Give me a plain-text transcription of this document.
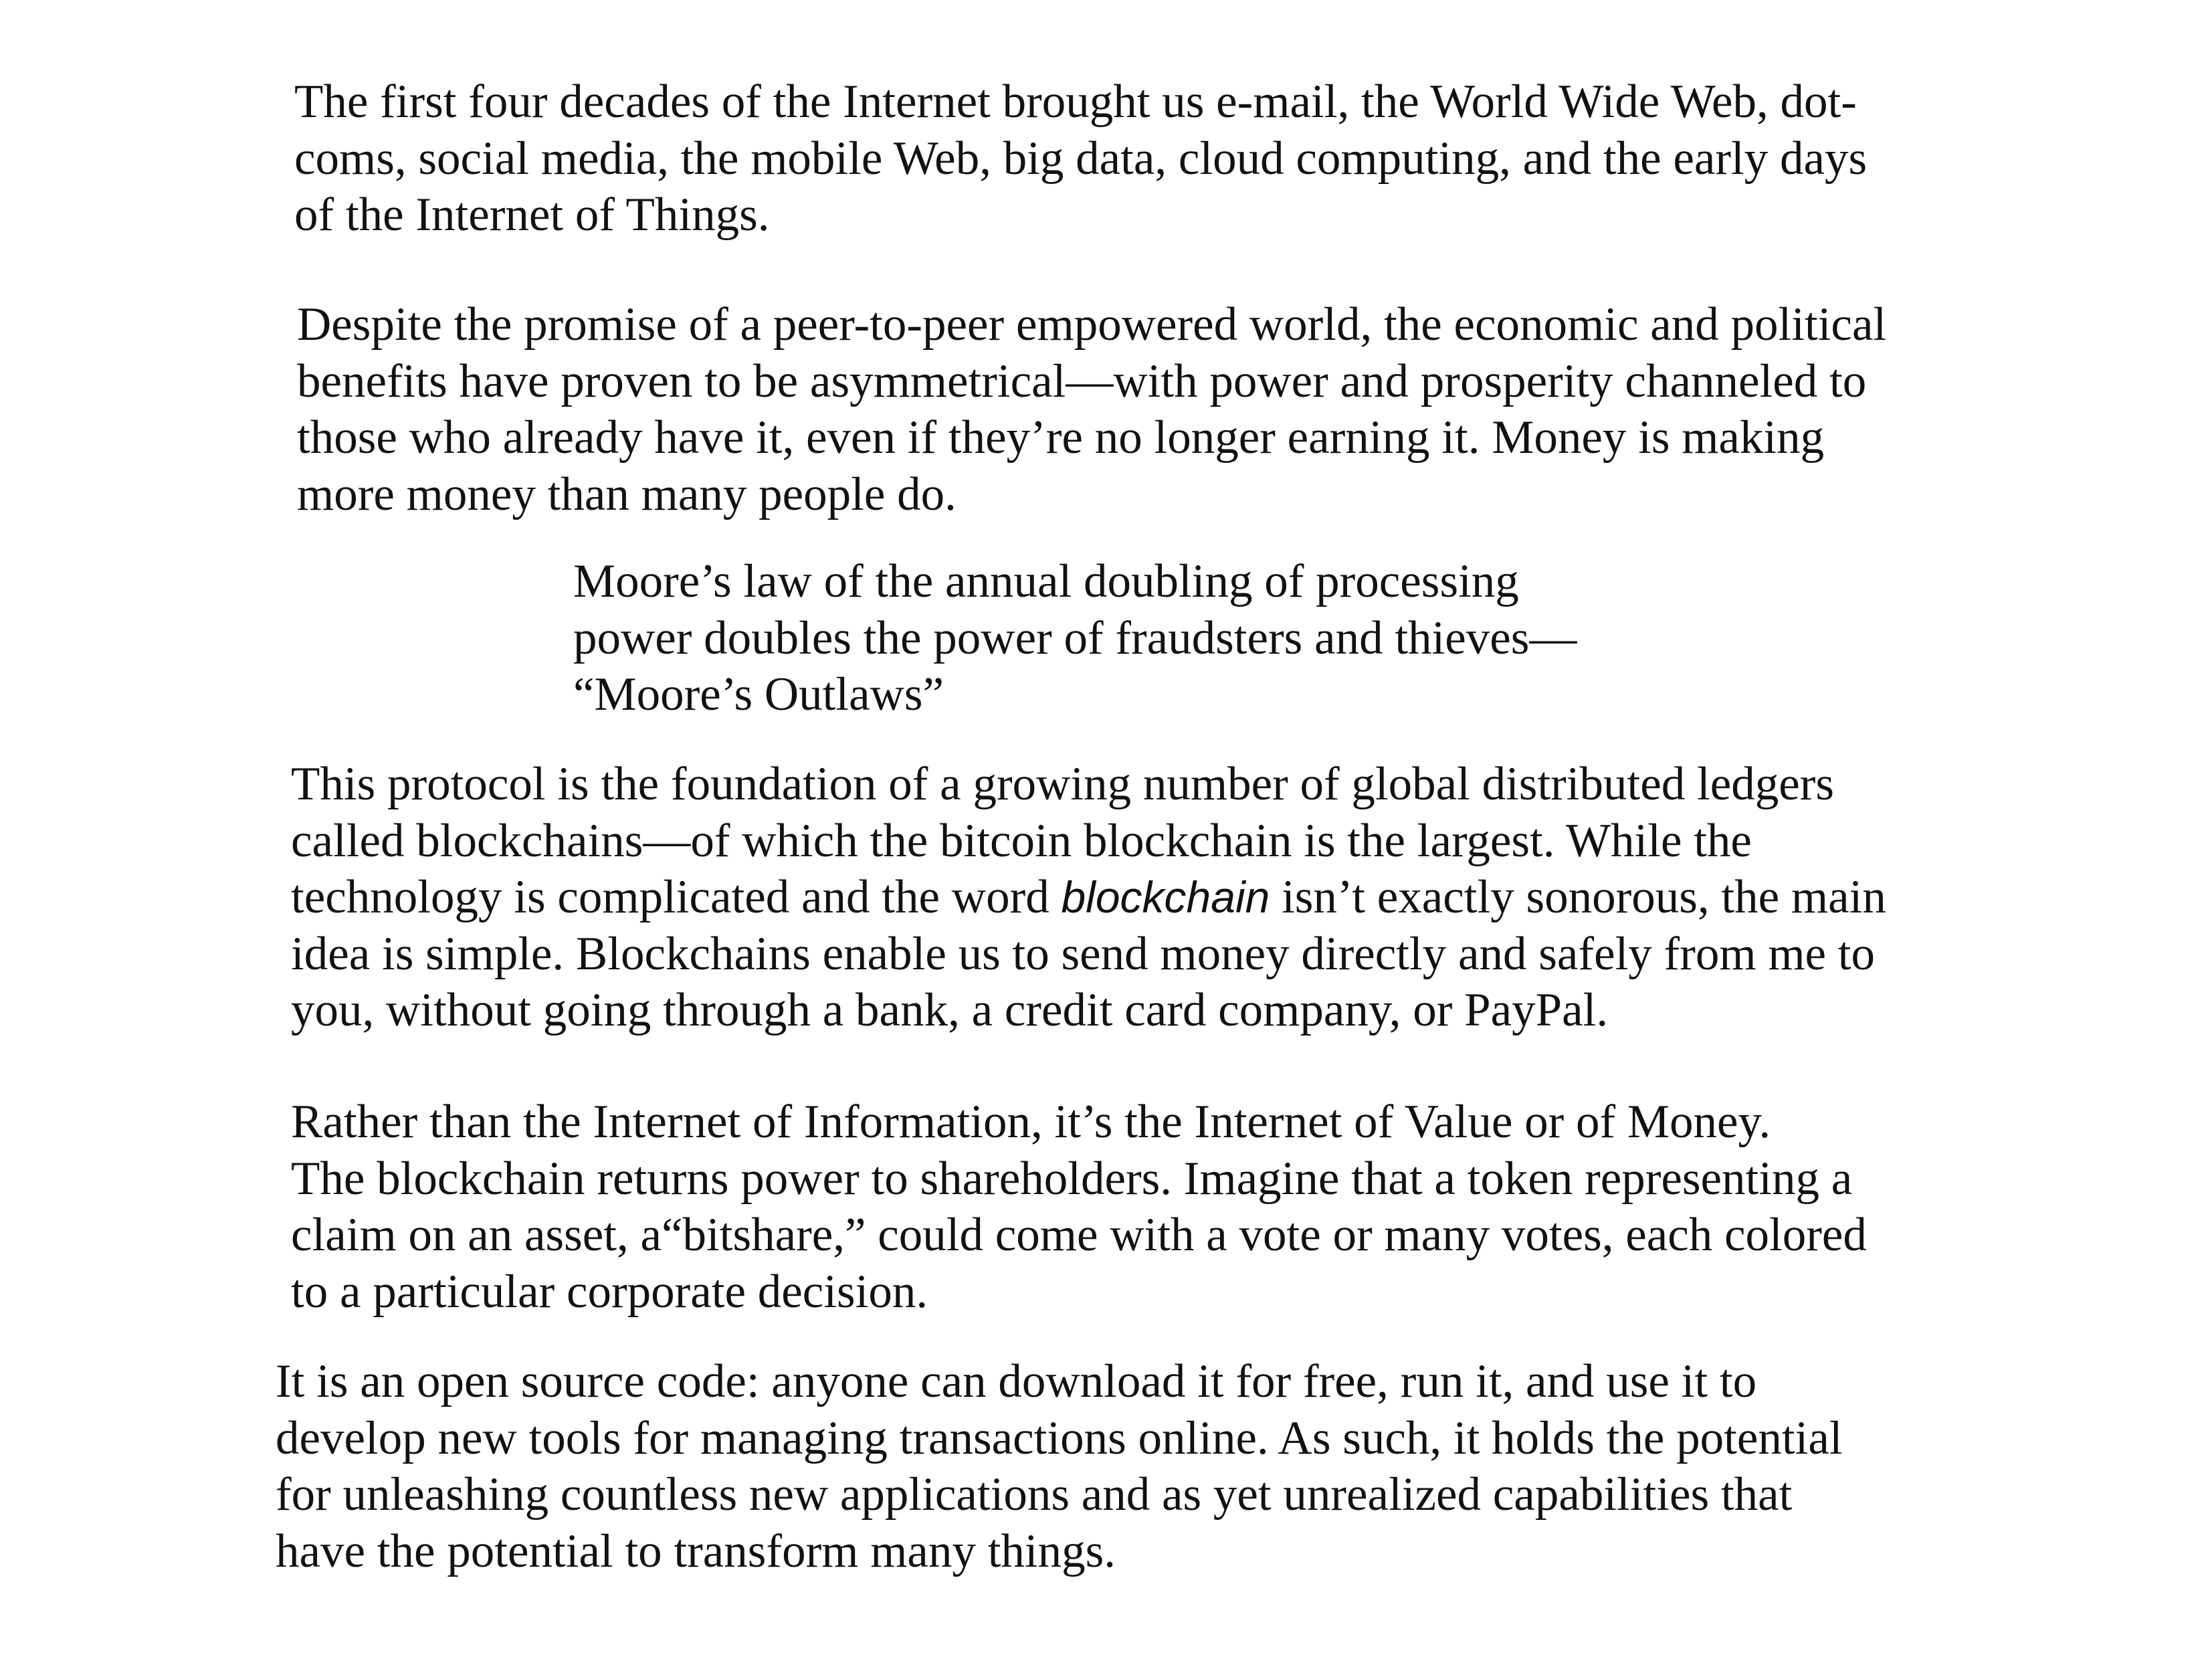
The first four decades of the Internet brought us e-mail, the World Wide Web, dot-
coms, social media, the mobile Web, big data, cloud computing, and the early days
of the Internet of Things.

Despite the promise of a peer-to-peer empowered world, the economic and political
benefits have proven to be asymmetrical—with power and prosperity channeled to
those who already have it, even if they’re no longer earning it. Money is making
more money than many people do.

Moore’s law of the annual doubling of processing
power doubles the power of fraudsters and thieves—
“Moore’s Outlaws”

This protocol is the foundation of a growing number of global distributed ledgers
called blockchains—of which the bitcoin blockchain is the largest. While the
technology is complicated and the word blockchain isn’t exactly sonorous, the main
idea is simple. Blockchains enable us to send money directly and safely from me to
you, without going through a bank, a credit card company, or PayPal.

Rather than the Internet of Information, it’s the Internet of Value or of Money.
The blockchain returns power to shareholders. Imagine that a token representing a
claim on an asset, a“bitshare,” could come with a vote or many votes, each colored
to a particular corporate decision.

It is an open source code: anyone can download it for free, run it, and use it to
develop new tools for managing transactions online. As such, it holds the potential
for unleashing countless new applications and as yet unrealized capabilities that
have the potential to transform many things.
